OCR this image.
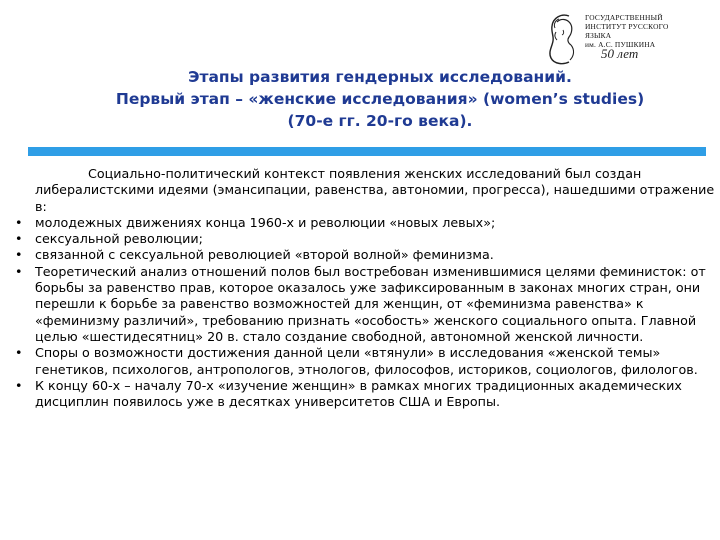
ГОСУДАРСТВЕННЫЙ
ИНСТИТУТ РУССКОГО ЯЗЫКА
им. А.С. ПУШКИНА
50 лет
Этапы развития гендерных исследований.
Первый этап – «женские исследования» (women’s studies)
(70-е гг. 20-го века).

Социально-политический контекст появления женских исследований был создан либералистскими идеями (эмансипации, равенства, автономии, прогресса), нашедшими отражение в:

• молодежных движениях конца 1960-х и революции «новых левых»;
• сексуальной революции;
• связанной с сексуальной революцией «второй волной» феминизма.
• Теоретический анализ отношений полов был востребован изменившимися целями феминисток: от борьбы за равенство прав, которое оказалось уже зафиксированным в законах многих стран, они перешли к борьбе за равенство возможностей для женщин, от «феминизма равенства» к «феминизму различий», требованию признать «особость» женского социального опыта. Главной целью «шестидесятниц» 20 в. стало создание свободной, автономной женской личности.
• Споры о возможности достижения данной цели «втянули» в исследования «женской темы» генетиков, психологов, антропологов, этнологов, философов, историков, социологов, филологов.
• К концу 60-х – началу 70-х «изучение женщин» в рамках многих традиционных академических дисциплин появилось уже в десятках университетов США и Европы.
